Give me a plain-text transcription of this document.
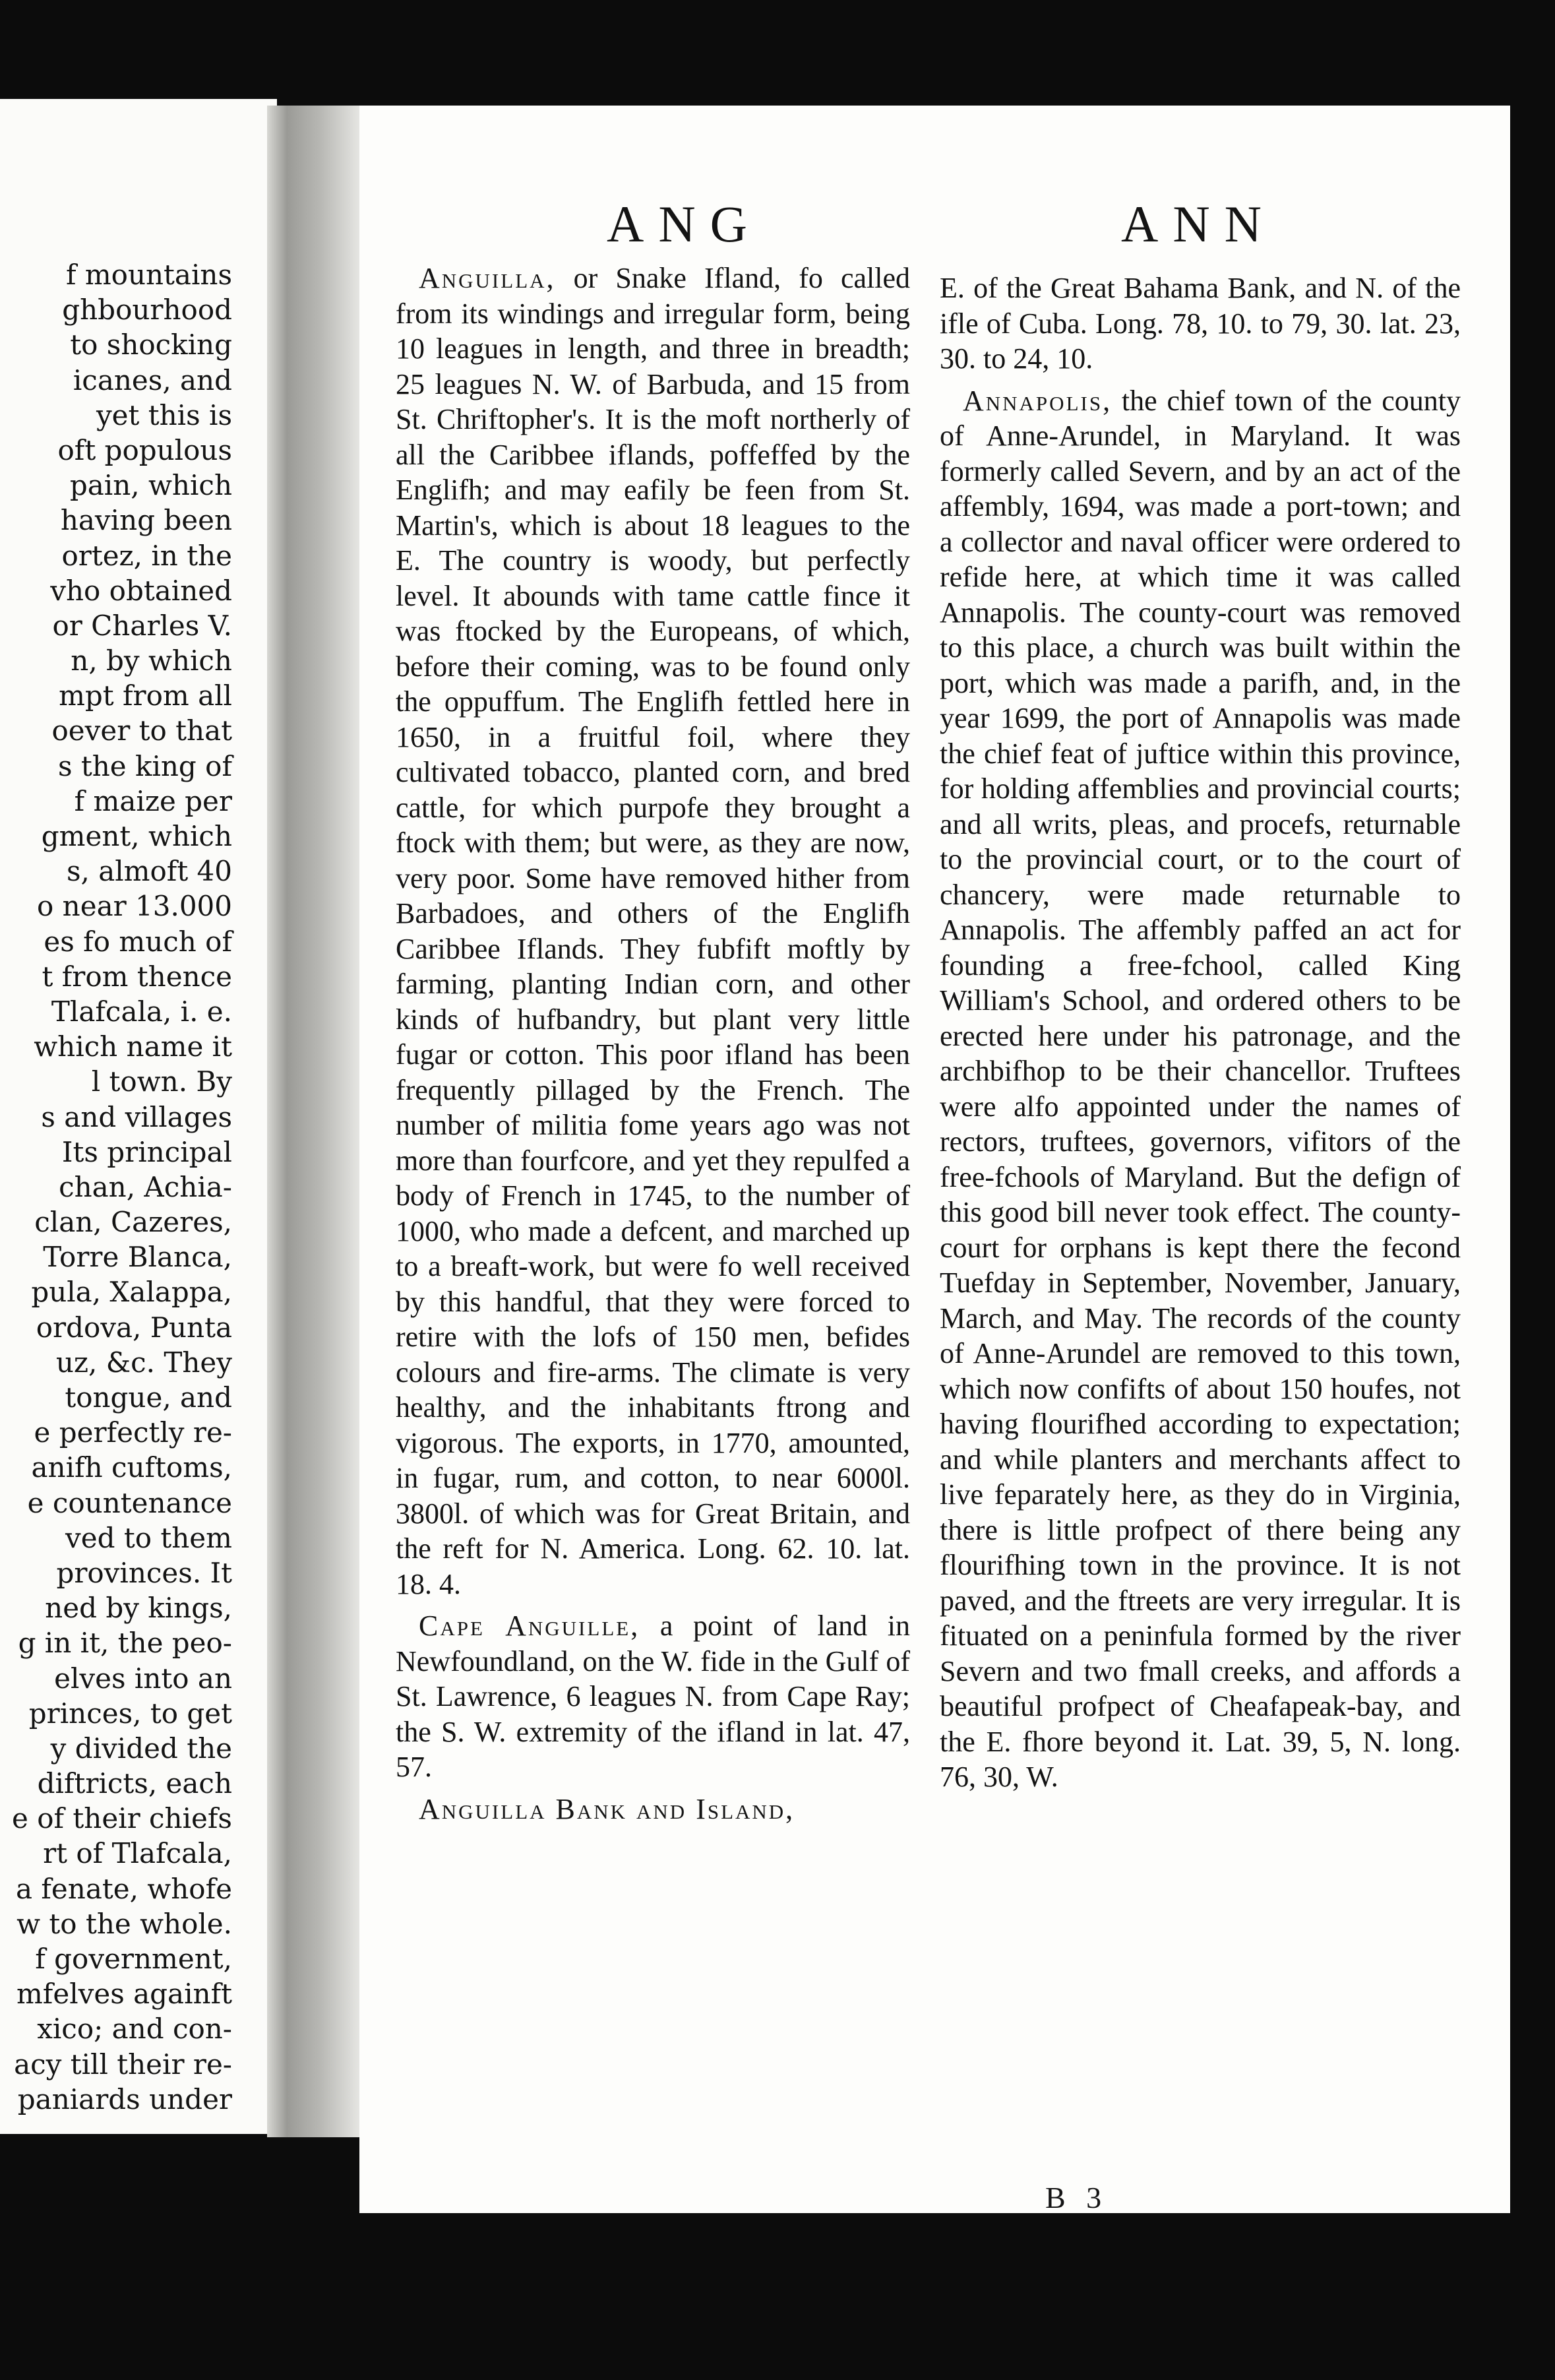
f mountains
ghbourhood
to shocking
icanes, and
yet this is
oft populous
pain, which
having been
ortez, in the
vho obtained
or Charles V.
n, by which
mpt from all
oever to that
s the king of
f maize per
gment, which
s, almoft 40
o near 13.000
es fo much of
t from thence
Tlafcala, i. e.
which name it
l town. By
s and villages
Its principal
chan, Achia-
clan, Cazeres,
Torre Blanca,
pula, Xalappa,
ordova, Punta
uz, &c. They
tongue, and
e perfectly re-
anifh cuftoms,
e countenance
ved to them
provinces. It
ned by kings,
g in it, the peo-
elves into an
princes, to get
y divided the
diftricts, each
e of their chiefs
rt of Tlafcala,
a fenate, whofe
w to the whole.
f government,
mfelves againft
xico; and con-
acy till their re-
paniards under
ANG	ANN

Anguilla, or Snake Ifland, fo called from its windings and irregular form, being 10 leagues in length, and three in breadth; 25 leagues N. W. of Barbuda, and 15 from St. Chriftopher's. It is the moft northerly of all the Caribbee iflands, poffeffed by the Englifh; and may eafily be feen from St. Martin's, which is about 18 leagues to the E. The country is woody, but perfectly level. It abounds with tame cattle fince it was ftocked by the Europeans, of which, before their coming, was to be found only the oppuffum. The Englifh fettled here in 1650, in a fruitful foil, where they cultivated tobacco, planted corn, and bred cattle, for which purpofe they brought a ftock with them; but were, as they are now, very poor. Some have removed hither from Barbadoes, and others of the Englifh Caribbee Iflands. They fubfift moftly by farming, planting Indian corn, and other kinds of hufbandry, but plant very little fugar or cotton. This poor ifland has been frequently pillaged by the French. The number of militia fome years ago was not more than fourfcore, and yet they repulfed a body of French in 1745, to the number of 1000, who made a defcent, and marched up to a breaft-work, but were fo well received by this handful, that they were forced to retire with the lofs of 150 men, befides colours and fire-arms. The climate is very healthy, and the inhabitants ftrong and vigorous. The exports, in 1770, amounted, in fugar, rum, and cotton, to near 6000l. 3800l. of which was for Great Britain, and the reft for N. America. Long. 62. 10. lat. 18. 4.

Cape Anguille, a point of land in Newfoundland, on the W. fide in the Gulf of St. Lawrence, 6 leagues N. from Cape Ray; the S. W. extremity of the ifland in lat. 47, 57.

Anguilla Bank and Island,

E. of the Great Bahama Bank, and N. of the ifle of Cuba. Long. 78, 10. to 79, 30. lat. 23, 30. to 24, 10.

Annapolis, the chief town of the county of Anne-Arundel, in Maryland. It was formerly called Severn, and by an act of the affembly, 1694, was made a port-town; and a collector and naval officer were ordered to refide here, at which time it was called Annapolis. The county-court was removed to this place, a church was built within the port, which was made a parifh, and, in the year 1699, the port of Annapolis was made the chief feat of juftice within this province, for holding affemblies and provincial courts; and all writs, pleas, and procefs, returnable to the provincial court, or to the court of chancery, were made returnable to Annapolis. The affembly paffed an act for founding a free-fchool, called King William's School, and ordered others to be erected here under his patronage, and the archbifhop to be their chancellor. Truftees were alfo appointed under the names of rectors, truftees, governors, vifitors of the free-fchools of Maryland. But the defign of this good bill never took effect. The county-court for orphans is kept there the fecond Tuefday in September, November, January, March, and May. The records of the county of Anne-Arundel are removed to this town, which now confifts of about 150 houfes, not having flourifhed according to expectation; and while planters and merchants affect to live feparately here, as they do in Virginia, there is little profpect of there being any flourifhing town in the province. It is not paved, and the ftreets are very irregular. It is fituated on a peninfula formed by the river Severn and two fmall creeks, and affords a beautiful profpect of Cheafapeak-bay, and the E. fhore beyond it. Lat. 39, 5, N. long. 76, 30, W.

B 3
